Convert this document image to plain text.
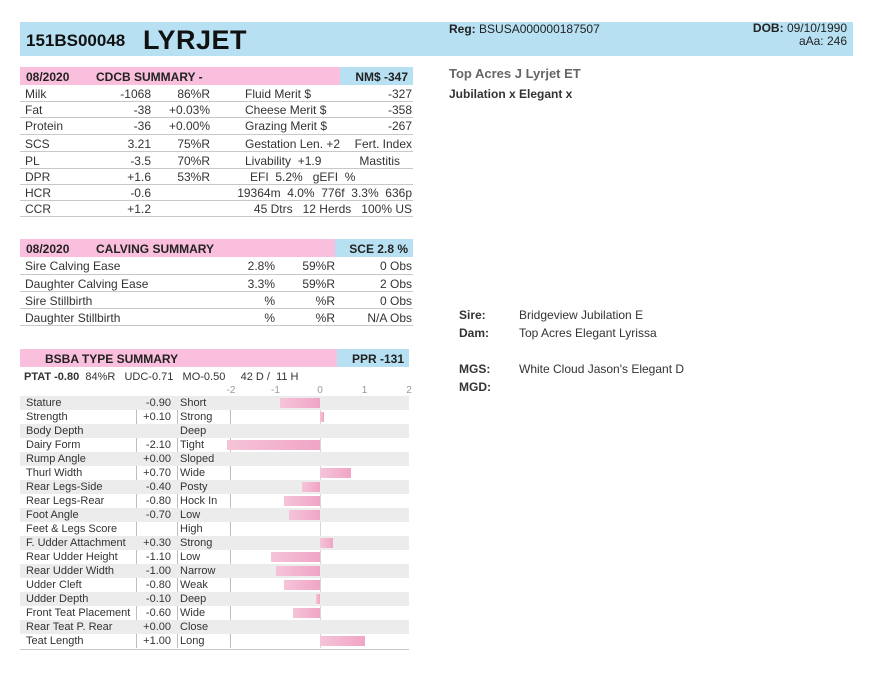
151BS00048 LYRJET	Reg: BSUSA000000187507	DOB: 09/10/1990
aAa: 246
Top Acres J Lyrjet ET
Jubilation x Elegant x
Sire:	Bridgeview Jubilation E
Dam: Top Acres Elegant Lyrissa
MGS: White Cloud Jason's Elegant D
MGD:
08/2020 CDCB SUMMARY -	NM$ -347
Milk	-1068	86%R	Fluid Merit $	-327
Fat	-38	+0.03%	Cheese Merit $	-358
Protein	-36	+0.00%	Grazing Merit $	-267
SCS	3.21	75%R	Gestation Len. +2	Fert. Index
PL	-3.5	70%R	Livability  +1.9	Mastitis
DPR	+1.6	53%R	EFI  5.2%   gEFI  %
HCR	-0.6	19364m  4.0%  776f  3.3%  636p
CCR	+1.2	45 Dtrs   12 Herds   100% US
08/2020 CALVING SUMMARY	SCE 2.8 %
Sire Calving Ease	2.8%	59%R	0 Obs
Daughter Calving Ease	3.3%	59%R	2 Obs
Sire Stillbirth	%	%R	0 Obs
Daughter Stillbirth	%	%R	N/A Obs
BSBA TYPE SUMMARY	PPR -131
PTAT -0.80 84%R   UDC-0.71   MO-0.50     42 D /  11 H
-2	-1	0	1	2
Stature	-0.90 Short
Strength	+0.10 Strong
Body Depth	Deep
Dairy Form	-2.10 Tight
Rump Angle	+0.00 Sloped
Thurl Width	+0.70 Wide
Rear Legs-Side	-0.40 Posty
Rear Legs-Rear	-0.80 Hock In
Foot Angle	-0.70 Low
Feet & Legs Score	High
F. Udder Attachment	+0.30 Strong
Rear Udder Height	-1.10 Low
Rear Udder Width	-1.00 Narrow
Udder Cleft	-0.80 Weak
Udder Depth	-0.10 Deep
Front Teat Placement	-0.60 Wide
Rear Teat P. Rear	+0.00 Close
Teat Length	+1.00 Long
